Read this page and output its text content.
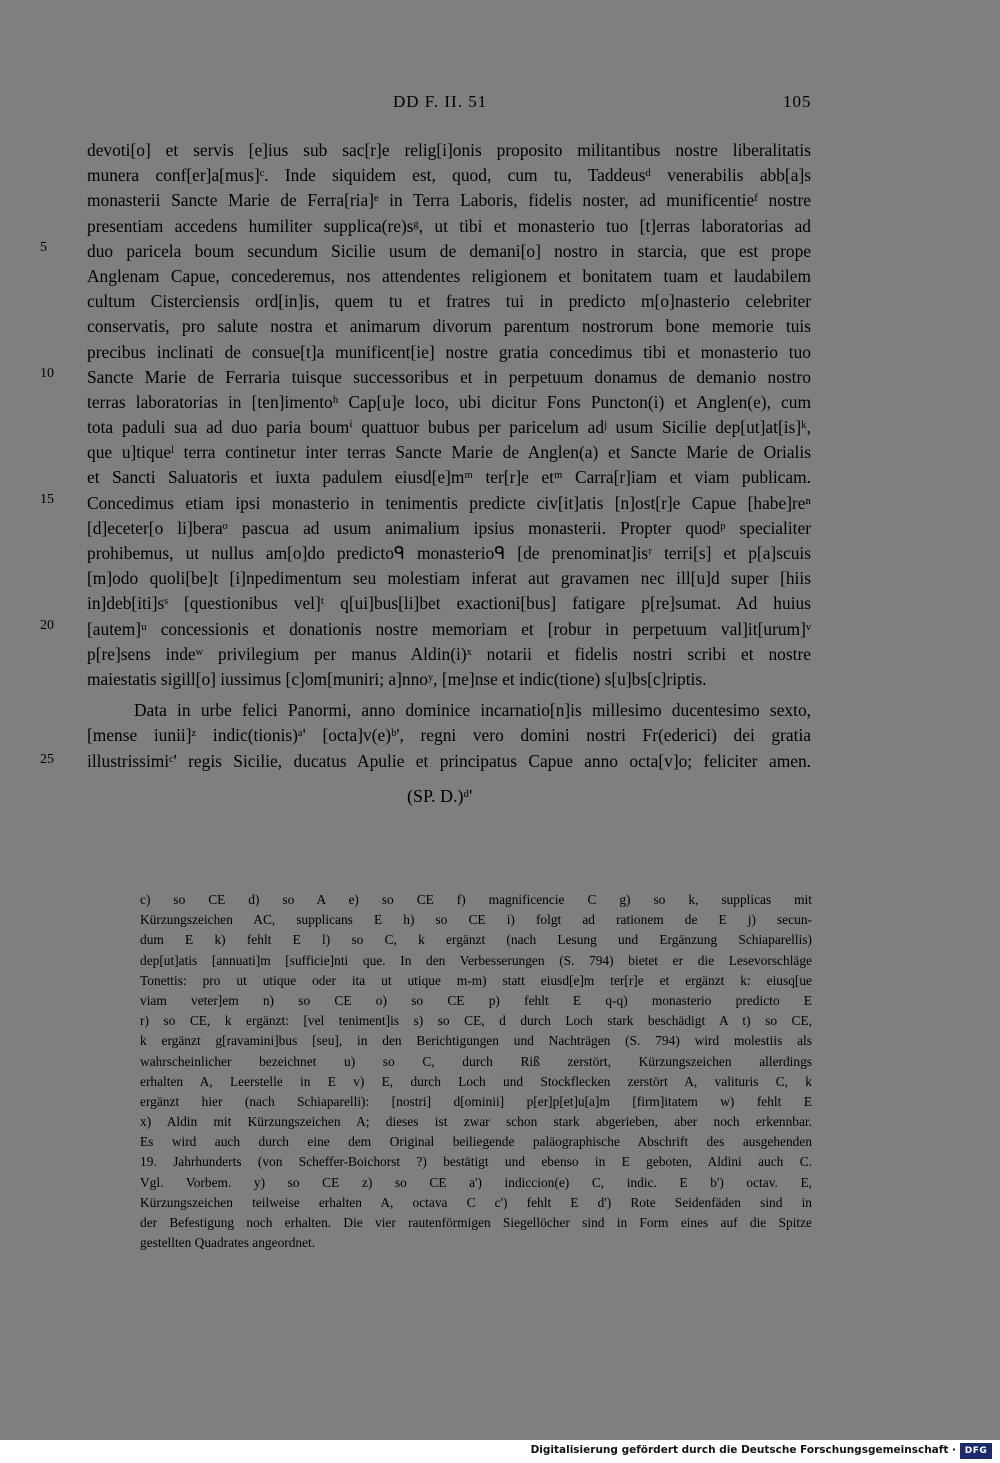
DD F. II. 51	105
5
10
15
20
25
devoti[o] et servis [e]ius sub sac[r]e relig[i]onis proposito militantibus nostre liberalitatis
munera conf[er]a[mus]ᶜ. Inde siquidem est, quod, cum tu, Taddeusᵈ venerabilis abb[a]s
monasterii Sancte Marie de Ferra[ria]ᵉ in Terra Laboris, fidelis noster, ad munificentieᶠ nostre
presentiam accedens humiliter supplica(re)sᵍ, ut tibi et monasterio tuo [t]erras laboratorias ad
duo paricela boum secundum Sicilie usum de demani[o] nostro in starcia, que est prope
Anglenam Capue, concederemus, nos attendentes religionem et bonitatem tuam et laudabilem
cultum Cisterciensis ord[in]is, quem tu et fratres tui in predicto m[o]nasterio celebriter
conservatis, pro salute nostra et animarum divorum parentum nostrorum bone memorie tuis
precibus inclinati de consue[t]a munificent[ie] nostre gratia concedimus tibi et monasterio tuo
Sancte Marie de Ferraria tuisque successoribus et in perpetuum donamus de demanio nostro
terras laboratorias in [ten]imentoʰ Cap[u]e loco, ubi dicitur Fons Puncton(i) et Anglen(e), cum
tota paduli sua ad duo paria boumⁱ quattuor bubus per paricelum adʲ usum Sicilie dep[ut]at[is]ᵏ,
que u]tiqueˡ terra continetur inter terras Sancte Marie de Anglen(a) et Sancte Marie de Orialis
et Sancti Saluatoris et iuxta padulem eiusd[e]mᵐ ter[r]e etᵐ Carra[r]iam et viam publicam.
Concedimus etiam ipsi monasterio in tenimentis predicte civ[it]atis [n]ost[r]e Capue [habe]reⁿ
[d]eceter[o li]beraᵒ pascua ad usum animalium ipsius monasterii. Propter quodᵖ specialiter
prohibemus, ut nullus am[o]do predictoᑫ monasterioᑫ [de prenominat]isʳ terri[s] et p[a]scuis
[m]odo quoli[be]t [i]npedimentum seu molestiam inferat aut gravamen nec ill[u]d super [hiis
in]deb[iti]sˢ [questionibus vel]ᵗ q[ui]bus[li]bet exactioni[bus] fatigare p[re]sumat. Ad huius
[autem]ᵘ concessionis et donationis nostre memoriam et [robur in perpetuum val]it[urum]ᵛ
p[re]sens indeʷ privilegium per manus Aldin(i)ˣ notarii et fidelis nostri scribi et nostre
maiestatis sigill[o] iussimus [c]om[muniri; a]nnoʸ, [me]nse et indic(tione) s[u]bs[c]riptis.
Data in urbe felici Panormi, anno dominice incarnatio[n]is millesimo ducentesimo sexto,
[mense iunii]ᶻ indic(tionis)ᵃ' [octa]v(e)ᵇ', regni vero domini nostri Fr(ederici) dei gratia
illustrissimiᶜ' regis Sicilie, ducatus Apulie et principatus Capue anno octa[v]o; feliciter amen.
(SP. D.)ᵈ'
c) so CE d) so A e) so CE f) magnificencie C g) so k, supplicas mit
Kürzungszeichen AC, supplicans E h) so CE i) folgt ad rationem de E j) secun-
dum E k) fehlt E l) so C, k ergänzt (nach Lesung und Ergänzung Schiaparellis)
dep[ut]atis [annuati]m [sufficie]nti que. In den Verbesserungen (S. 794) bietet er die Lesevorschläge
Tonettis: pro ut utique oder ita ut utique m-m) statt eiusd[e]m ter[r]e et ergänzt k: eiusq[ue
viam veter]em n) so CE o) so CE p) fehlt E q-q) monasterio predicto E
r) so CE, k ergänzt: [vel teniment]is s) so CE, d durch Loch stark beschädigt A t) so CE,
k ergänzt g[ravamini]bus [seu], in den Berichtigungen und Nachträgen (S. 794) wird molestiis als
wahrscheinlicher bezeichnet u) so C, durch Riß zerstört, Kürzungszeichen allerdings
erhalten A, Leerstelle in E v) E, durch Loch und Stockflecken zerstört A, valituris C, k
ergänzt hier (nach Schiaparelli): [nostri] d[ominii] p[er]p[et]u[a]m [firm]itatem w) fehlt E
x) Aldin mit Kürzungszeichen A; dieses ist zwar schon stark abgerieben, aber noch erkennbar.
Es wird auch durch eine dem Original beiliegende paläographische Abschrift des ausgehenden
19. Jahrhunderts (von Scheffer-Boichorst ?) bestätigt und ebenso in E geboten, Aldini auch C.
Vgl. Vorbem. y) so CE z) so CE a') indiccion(e) C, indic. E b') octav. E,
Kürzungszeichen teilweise erhalten A, octava C c') fehlt E d') Rote Seidenfäden sind in
der Befestigung noch erhalten. Die vier rautenförmigen Siegellöcher sind in Form eines auf die Spitze
gestellten Quadrates angeordnet.
Digitalisierung gefördert durch die Deutsche Forschungsgemeinschaft · DFG
